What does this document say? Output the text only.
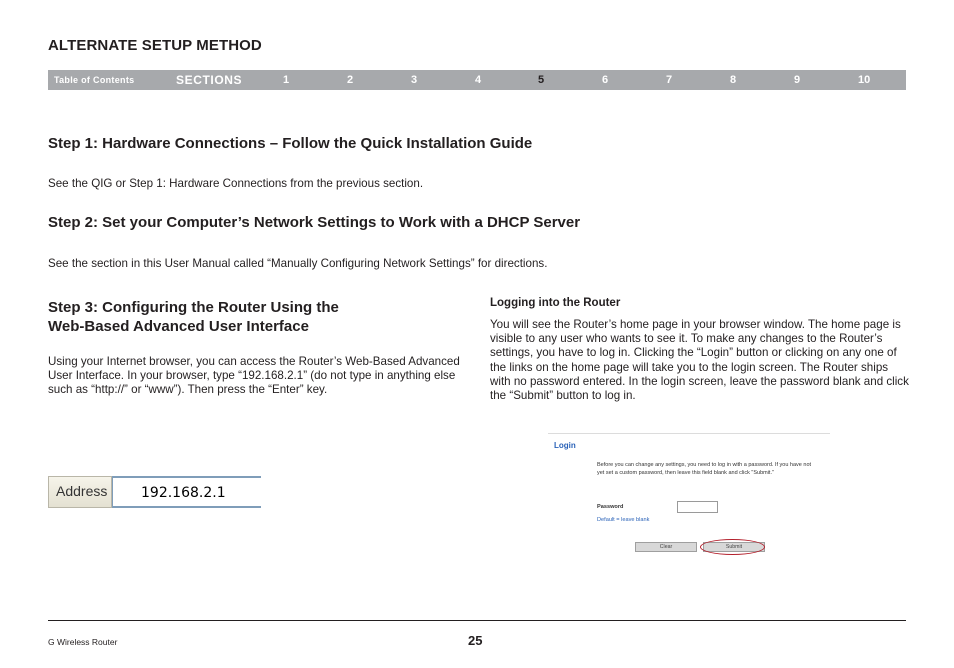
ALTERNATE SETUP METHOD
Table of Contents	SECTIONS	1	2	3	4	5	6	7	8	9	10
Step 1: Hardware Connections – Follow the Quick Installation Guide

See the QIG or Step 1: Hardware Connections from the previous section.

Step 2: Set your Computer’s Network Settings to Work with a DHCP Server

See the section in this User Manual called “Manually Configuring Network Settings” for directions.

Step 3: Configuring the Router Using the
Web-Based Advanced User Interface
Using your Internet browser, you can access the Router’s Web-Based Advanced User Interface. In your browser, type “192.168.2.1” (do not type in anything else such as “http://” or “www”). Then press the “Enter” key.
Logging into the Router
You will see the Router’s home page in your browser window. The home page is visible to any user who wants to see it. To make any changes to the Router’s settings, you have to log in. Clicking the “Login” button or clicking on any one of the links on the home page will take you to the login screen. The Router ships with no password entered. In the login screen, leave the password blank and click the “Submit” button to log in.
Address	192.168.2.1
Login
Before you can change any settings, you need to log in with a password. If you have not yet set a custom password, then leave this field blank and click "Submit."
Password
Default = leave blank
Clear	Submit
G Wireless Router	25
